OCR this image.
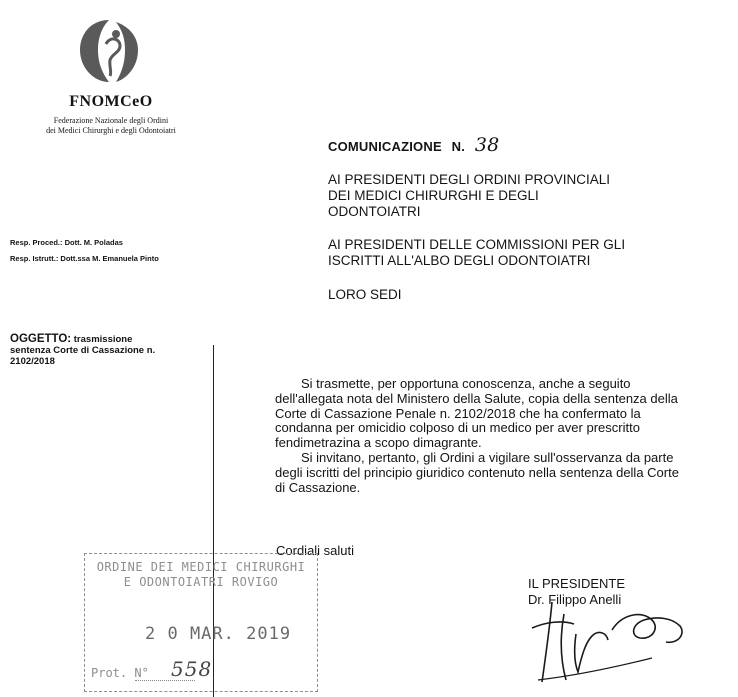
FNOMCeO
Federazione Nazionale degli Ordini
dei Medici Chirurghi e degli Odontoiatri
COMUNICAZIONE N. 38
AI PRESIDENTI DEGLI ORDINI PROVINCIALI
DEI MEDICI CHIRURGHI E DEGLI
ODONTOIATRI
AI PRESIDENTI DELLE COMMISSIONI PER GLI
ISCRITTI ALL'ALBO DEGLI ODONTOIATRI
LORO SEDI
Resp. Proced.: Dott. M. Poladas
Resp. Istrutt.: Dott.ssa M. Emanuela Pinto
OGGETTO: trasmissione
sentenza Corte di Cassazione n.
2102/2018

Si trasmette, per opportuna conoscenza, anche a seguito dell'allegata nota del Ministero della Salute, copia della sentenza della Corte di Cassazione Penale n. 2102/2018 che ha confermato la condanna per omicidio colposo di un medico per aver prescritto fendimetrazina a scopo dimagrante.

Si invitano, pertanto, gli Ordini a vigilare sull'osservanza da parte degli iscritti del principio giuridico contenuto nella sentenza della Corte di Cassazione.

Cordiali saluti
ORDINE DEI MEDICI CHIRURGHI
E ODONTOIATRI ROVIGO
2 0 MAR. 2019
Prot. N° 558
IL PRESIDENTE
Dr. Filippo Anelli
